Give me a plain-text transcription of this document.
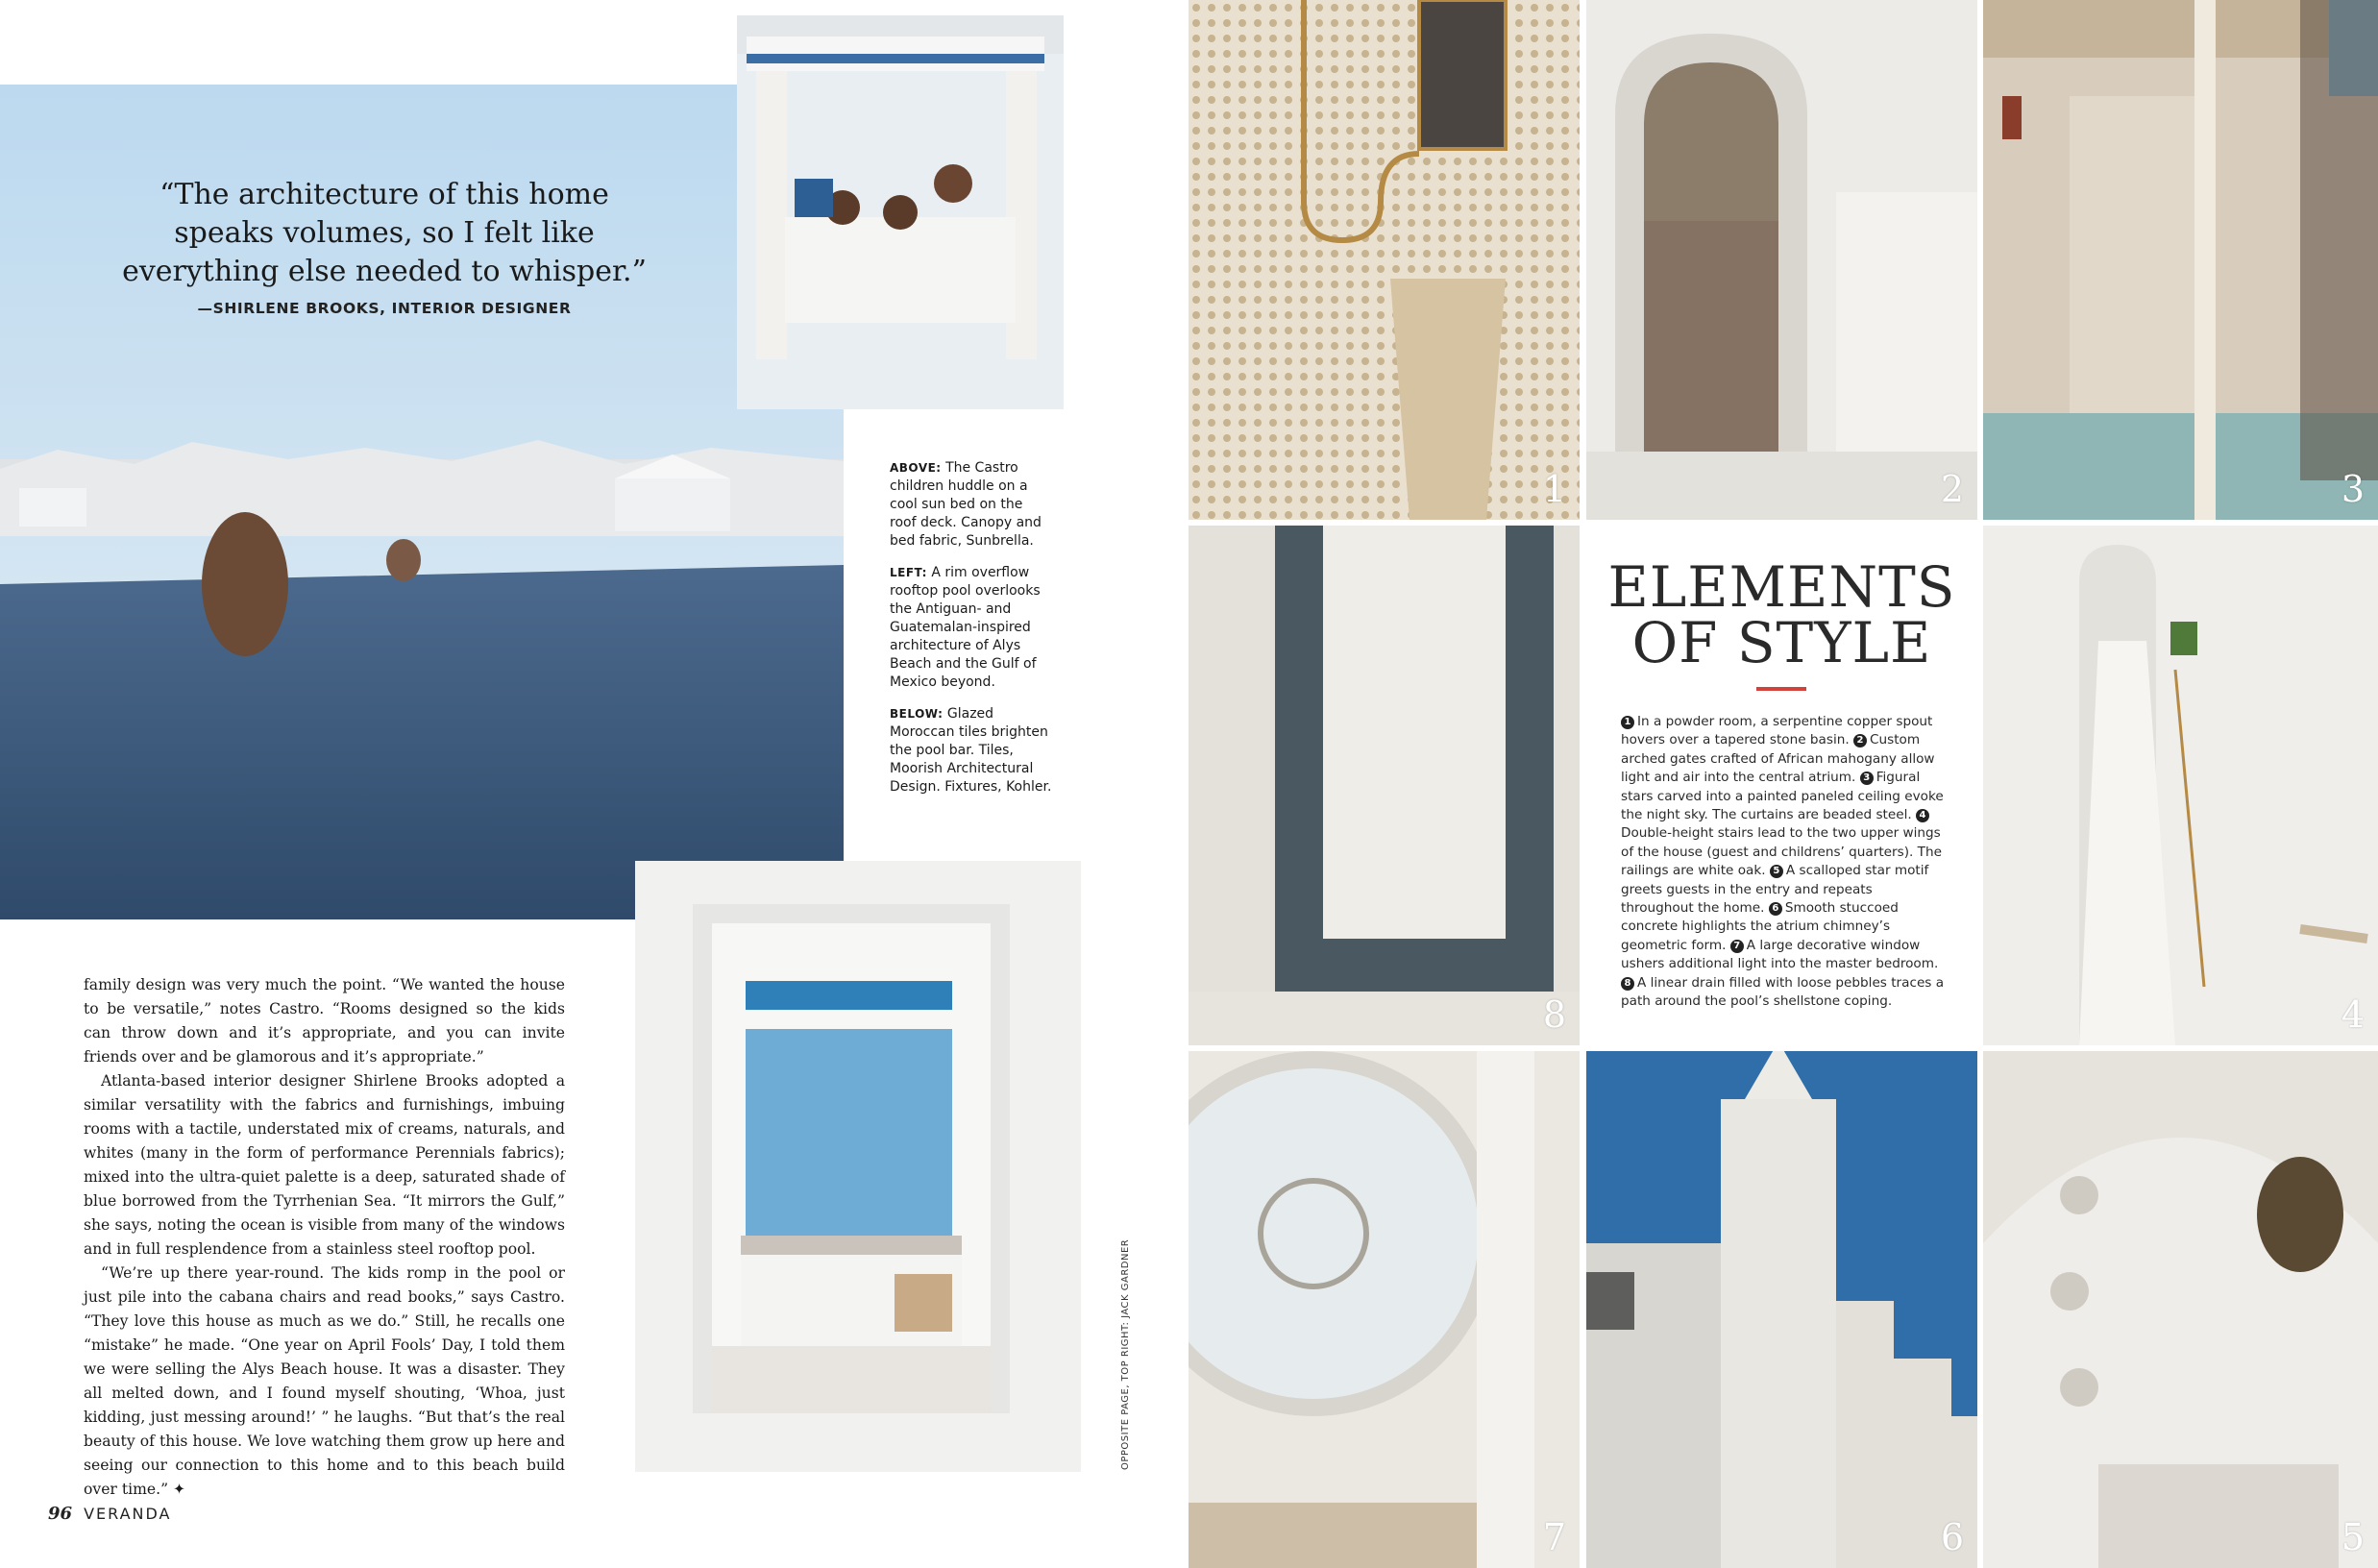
“The architecture of this home
speaks volumes, so I felt like
everything else needed to whisper.”
—SHIRLENE BROOKS, INTERIOR DESIGNER

ABOVE: The Castro children huddle on a cool sun bed on the roof deck. Canopy and bed fabric, Sunbrella.

LEFT: A rim overflow rooftop pool overlooks the Antiguan- and Guatemalan-inspired architecture of Alys Beach and the Gulf of Mexico beyond.

BELOW: Glazed Moroccan tiles brighten the pool bar. Tiles, Moorish Architectural Design. Fixtures, Kohler.

family design was very much the point. “We wanted the house to be versatile,” notes Castro. “Rooms designed so the kids can throw down and it’s appropriate, and you can invite friends over and be glamorous and it’s appropriate.”

Atlanta-based interior designer Shirlene Brooks adopted a similar versatility with the fabrics and furnishings, imbuing rooms with a tactile, understated mix of creams, naturals, and whites (many in the form of performance Perennials fabrics); mixed into the ultra-quiet palette is a deep, saturated shade of blue borrowed from the Tyrrhenian Sea. “It mirrors the Gulf,” she says, noting the ocean is visible from many of the windows and in full resplendence from a stainless steel rooftop pool.

“We’re up there year-round. The kids romp in the pool or just pile into the cabana chairs and read books,” says Castro. “They love this house as much as we do.” Still, he recalls one “mistake” he made. “One year on April Fools’ Day, I told them we were selling the Alys Beach house. It was a disaster. They all melted down, and I found myself shouting, ‘Whoa, just kidding, just messing around!’ ” he laughs. “But that’s the real beauty of this house. We love watching them grow up here and seeing our connection to this home and to this beach build over time.” ✦

96 VERANDA
OPPOSITE PAGE, TOP RIGHT: JACK GARDNER
1	2	3
8
ELEMENTS
OF STYLE
1 In a powder room, a serpentine copper spout hovers over a tapered stone basin. 2 Custom arched gates crafted of African mahogany allow light and air into the central atrium. 3 Figural stars carved into a painted paneled ceiling evoke the night sky. The curtains are beaded steel. 4Double-height stairs lead to the two upper wings of the house (guest and childrens’ quarters). The railings are white oak. 5 A scalloped star motif greets guests in the entry and repeats throughout the home. 6 Smooth stuccoed concrete highlights the atrium chimney’s geometric form. 7 A large decorative window ushers additional light into the master bedroom. 8 A linear drain filled with loose pebbles traces a path around the pool’s shellstone coping.	4
7	6	5
